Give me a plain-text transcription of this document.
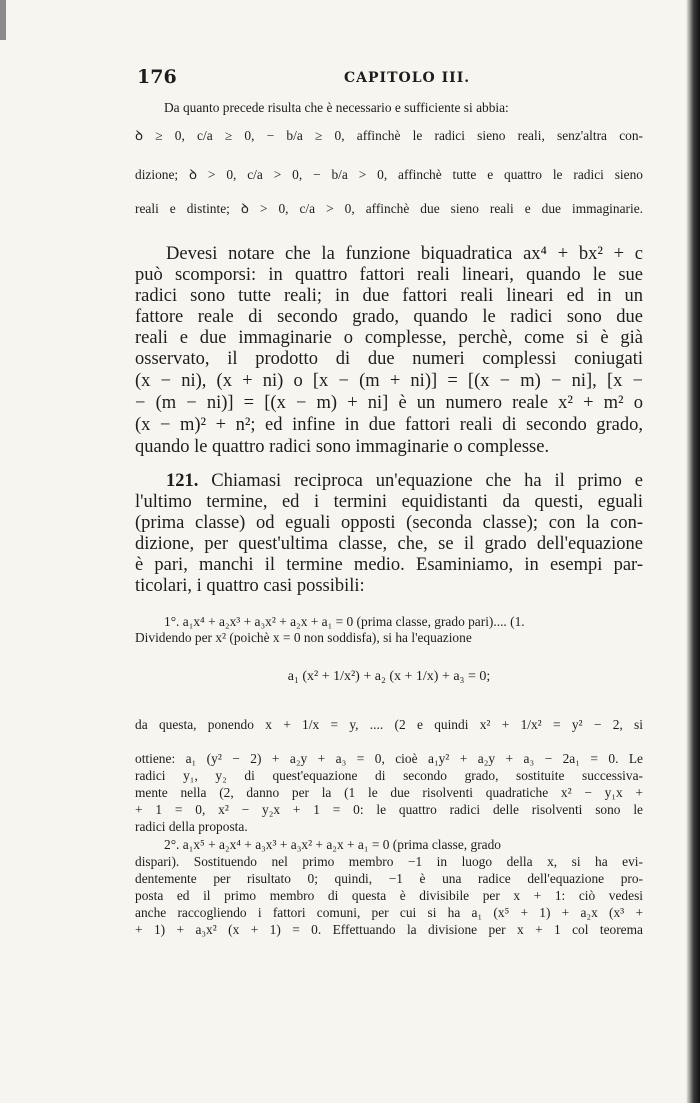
176	CAPITOLO III.
Da quanto precede risulta che è necessario e sufficiente si abbia:
ꝺ ≥ 0, c/a ≥ 0, − b/a ≥ 0, affinchè le radici sieno reali, senz'altra con-
dizione; ꝺ > 0, c/a > 0, − b/a > 0, affinchè tutte e quattro le radici sieno
reali e distinte; ꝺ > 0, c/a > 0, affinchè due sieno reali e due immaginarie.
Devesi notare che la funzione biquadratica ax⁴ + bx² + c
può scomporsi: in quattro fattori reali lineari, quando le sue
radici sono tutte reali; in due fattori reali lineari ed in un
fattore reale di secondo grado, quando le radici sono due
reali e due immaginarie o complesse, perchè, come si è già
osservato, il prodotto di due numeri complessi coniugati
(x − ni), (x + ni) o [x − (m + ni)] = [(x − m) − ni], [x −
− (m − ni)] = [(x − m) + ni] è un numero reale x² + m² o
(x − m)² + n²; ed infine in due fattori reali di secondo grado,
quando le quattro radici sono immaginarie o complesse.
121. Chiamasi reciproca un'equazione che ha il primo e
l'ultimo termine, ed i termini equidistanti da questi, eguali
(prima classe) od eguali opposti (seconda classe); con la con-
dizione, per quest'ultima classe, che, se il grado dell'equazione
è pari, manchi il termine medio. Esaminiamo, in esempi par-
ticolari, i quattro casi possibili:
1°. a₁x⁴ + a₂x³ + a₃x² + a₂x + a₁ = 0 (prima classe, grado pari).... (1.
Dividendo per x² (poichè x = 0 non soddisfa), si ha l'equazione
a₁ (x² + 1/x²) + a₂ (x + 1/x) + a₃ = 0;
da questa, ponendo x + 1/x = y, .... (2 e quindi x² + 1/x² = y² − 2, si
ottiene: a₁ (y² − 2) + a₂y + a₃ = 0, cioè a₁y² + a₂y + a₃ − 2a₁ = 0. Le
radici y₁, y₂ di quest'equazione di secondo grado, sostituite successiva-
mente nella (2, danno per la (1 le due risolventi quadratiche x² − y₁x +
+ 1 = 0, x² − y₂x + 1 = 0: le quattro radici delle risolventi sono le
radici della proposta.
2°. a₁x⁵ + a₂x⁴ + a₃x³ + a₃x² + a₂x + a₁ = 0 (prima classe, grado
dispari). Sostituendo nel primo membro −1 in luogo della x, si ha evi-
dentemente per risultato 0; quindi, −1 è una radice dell'equazione pro-
posta ed il primo membro di questa è divisibile per x + 1: ciò vedesi
anche raccogliendo i fattori comuni, per cui si ha a₁ (x⁵ + 1) + a₂x (x³ +
+ 1) + a₃x² (x + 1) = 0. Effettuando la divisione per x + 1 col teorema
